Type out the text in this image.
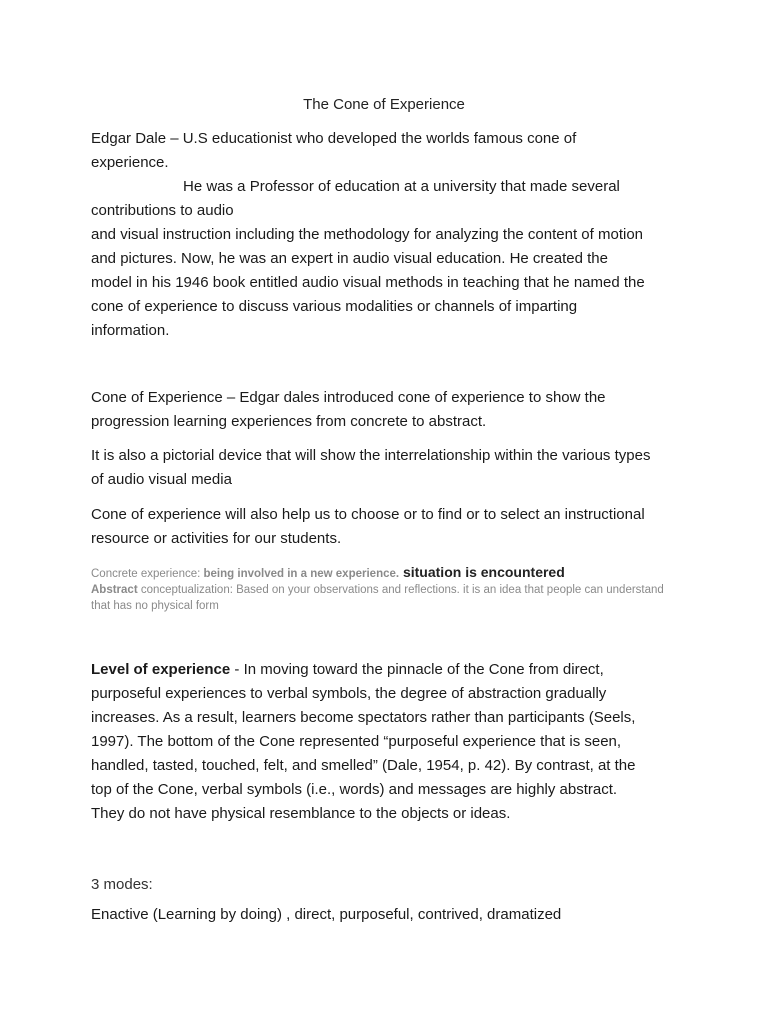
The Cone of Experience
Edgar Dale – U.S educationist who developed the worlds famous cone of experience.
He was a Professor of education at a university that made several contributions to audio
and visual instruction including the methodology for analyzing the content of motion and pictures. Now, he was an expert in audio visual education. He created the model in his 1946 book entitled audio visual methods in teaching that he named the cone of experience to discuss various modalities or channels of imparting information.
Cone of Experience – Edgar dales introduced cone of experience to show the progression learning experiences from concrete to abstract.
It is also a pictorial device that will show the interrelationship within the various types of audio visual media
Cone of experience will also help us to choose or to find or to select an instructional resource or activities for our students.
Concrete experience: being involved in a new experience. situation is encountered
Abstract conceptualization: Based on your observations and reflections. it is an idea that people can understand that has no physical form
Level of experience - In moving toward the pinnacle of the Cone from direct, purposeful experiences to verbal symbols, the degree of abstraction gradually increases. As a result, learners become spectators rather than participants (Seels, 1997). The bottom of the Cone represented “purposeful experience that is seen, handled, tasted, touched, felt, and smelled” (Dale, 1954, p. 42). By contrast, at the top of the Cone, verbal symbols (i.e., words) and messages are highly abstract. They do not have physical resemblance to the objects or ideas.
3 modes:
Enactive (Learning by doing) , direct, purposeful, contrived, dramatized
